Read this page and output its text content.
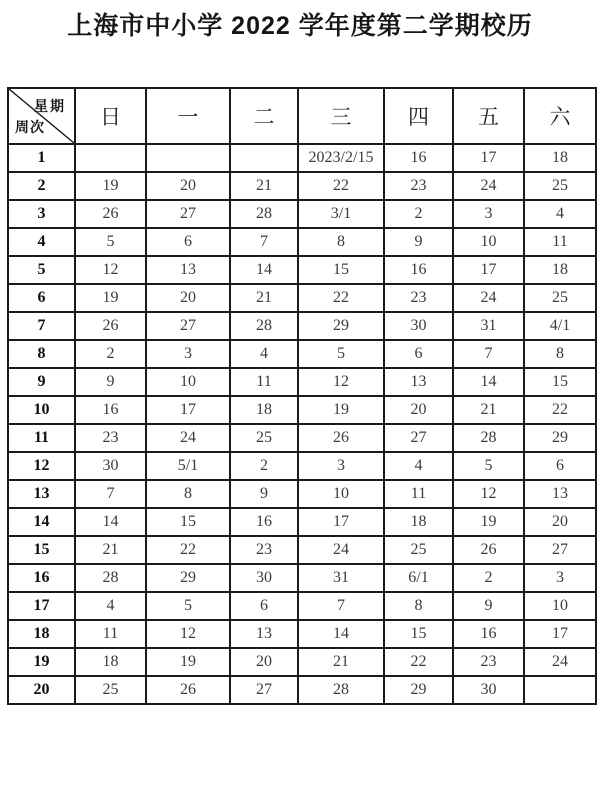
上海市中小学 2022 学年度第二学期校历
星期
周次	日	一	二	三	四	五	六
1				2023/2/15	16	17	18
2	19	20	21	22	23	24	25
3	26	27	28	3/1	2	3	4
4	5	6	7	8	9	10	11
5	12	13	14	15	16	17	18
6	19	20	21	22	23	24	25
7	26	27	28	29	30	31	4/1
8	2	3	4	5	6	7	8
9	9	10	11	12	13	14	15
10	16	17	18	19	20	21	22
11	23	24	25	26	27	28	29
12	30	5/1	2	3	4	5	6
13	7	8	9	10	11	12	13
14	14	15	16	17	18	19	20
15	21	22	23	24	25	26	27
16	28	29	30	31	6/1	2	3
17	4	5	6	7	8	9	10
18	11	12	13	14	15	16	17
19	18	19	20	21	22	23	24
20	25	26	27	28	29	30	
